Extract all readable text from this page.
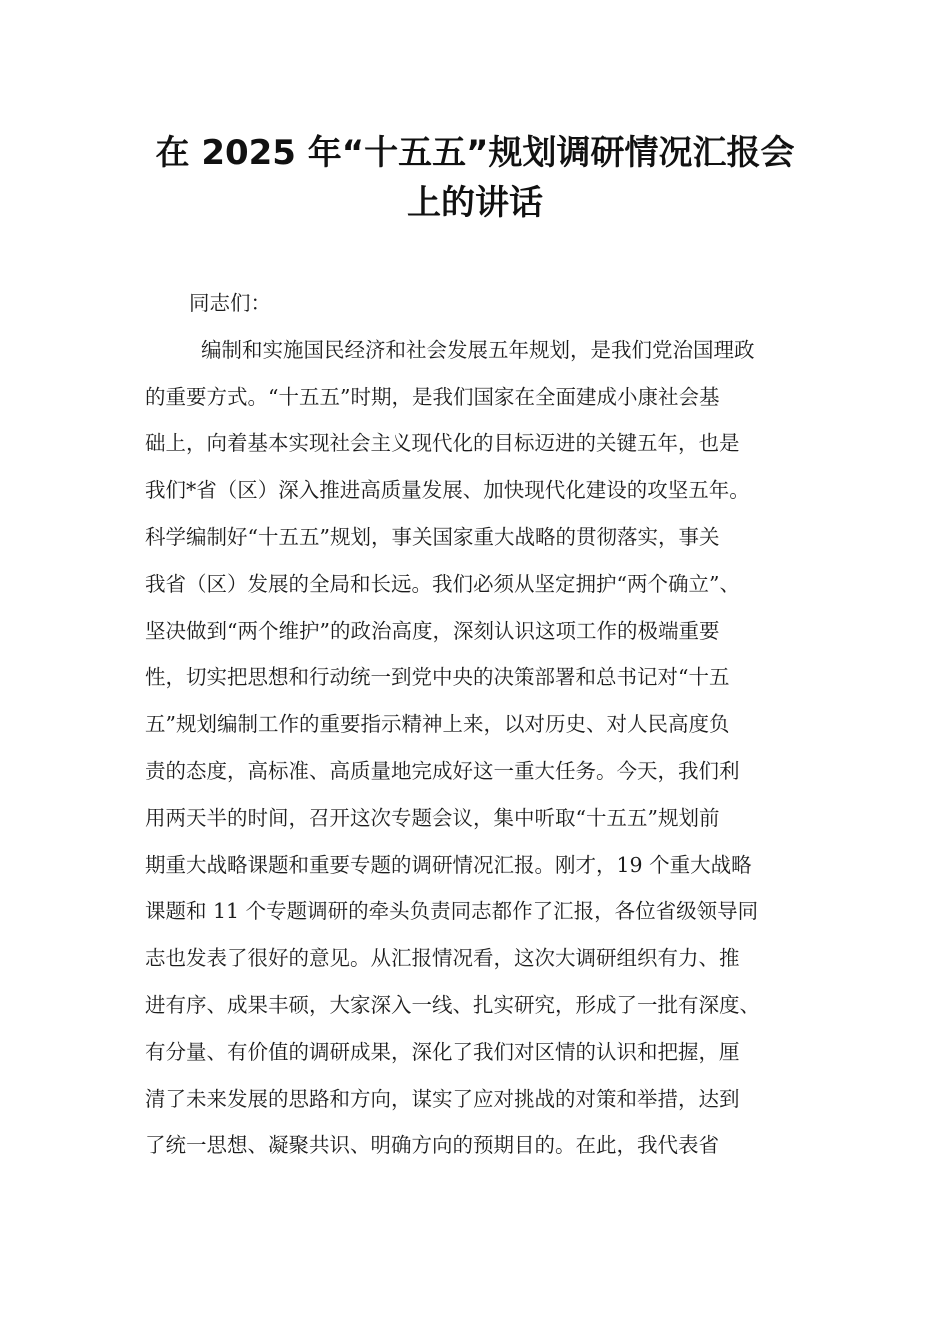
在 2025 年“十五五”规划调研情况汇报会
上的讲话
同志们：
编制和实施国民经济和社会发展五年规划，是我们党治国理政
的重要方式。“十五五”时期，是我们国家在全面建成小康社会基
础上，向着基本实现社会主义现代化的目标迈进的关键五年，也是
我们*省（区）深入推进高质量发展、加快现代化建设的攻坚五年。
科学编制好“十五五”规划，事关国家重大战略的贯彻落实，事关
我省（区）发展的全局和长远。我们必须从坚定拥护“两个确立”、
坚决做到“两个维护”的政治高度，深刻认识这项工作的极端重要
性，切实把思想和行动统一到党中央的决策部署和总书记对“十五
五”规划编制工作的重要指示精神上来，以对历史、对人民高度负
责的态度，高标准、高质量地完成好这一重大任务。今天，我们利
用两天半的时间，召开这次专题会议，集中听取“十五五”规划前
期重大战略课题和重要专题的调研情况汇报。刚才，19 个重大战略
课题和 11 个专题调研的牵头负责同志都作了汇报，各位省级领导同
志也发表了很好的意见。从汇报情况看，这次大调研组织有力、推
进有序、成果丰硕，大家深入一线、扎实研究，形成了一批有深度、
有分量、有价值的调研成果，深化了我们对区情的认识和把握，厘
清了未来发展的思路和方向，谋实了应对挑战的对策和举措，达到
了统一思想、凝聚共识、明确方向的预期目的。在此，我代表省
